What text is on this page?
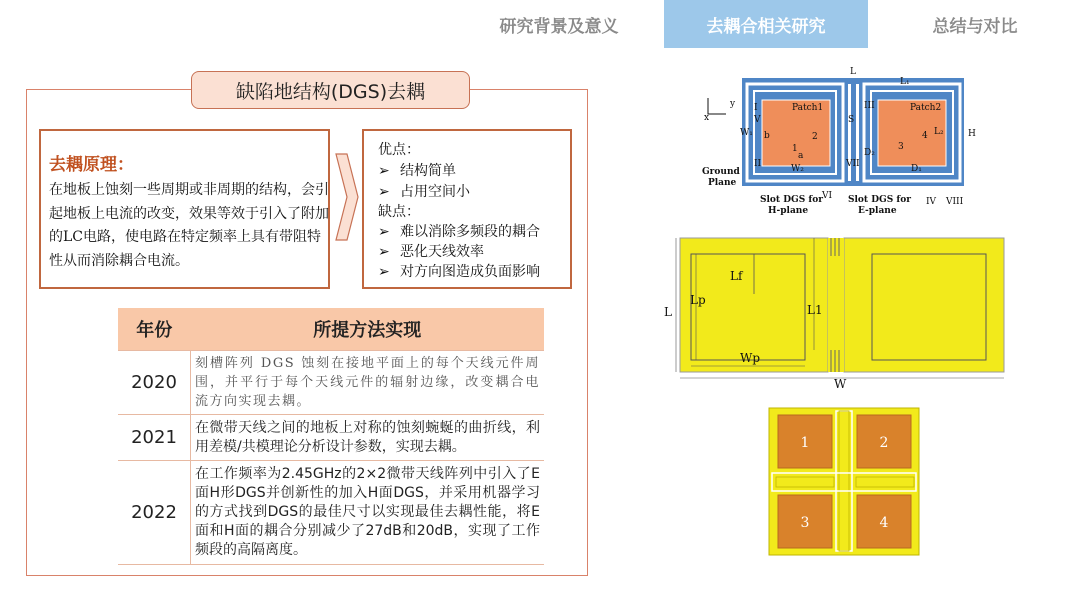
研究背景及意义	去耦合相关研究	总结与对比
缺陷地结构(DGS)去耦
去耦原理：
在地板上蚀刻一些周期或非周期的结构，会引起地板上电流的改变，效果等效于引入了附加的LC电路，使电路在特定频率上具有带阻特性从而消除耦合电流。
优点：
➢ 结构简单
➢ 占用空间小
缺点：
➢ 难以消除多频段的耦合
➢ 恶化天线效率
➢ 对方向图造成负面影响
年份	所提方法实现
2020	刻槽阵列 DGS 蚀刻在接地平面上的每个天线元件周围，并平行于每个天线元件的辐射边缘，改变耦合电流方向实现去耦。
2021	在微带天线之间的地板上对称的蚀刻蜿蜒的曲折线，利用差模/共模理论分析设计参数，实现去耦。
2022	在工作频率为2.45GHz的2×2微带天线阵列中引入了E面H形DGS并创新性的加入H面DGS，并采用机器学习的方式找到DGS的最佳尺寸以实现最佳去耦性能，将E面和H面的耦合分别减少了27dB和20dB，实现了工作频段的高隔离度。
L
L₁
H
Patch1	Patch2
2
1	3
4
a
b
S
W₁
W₂	D₁
D₂
L₂
I
II
III
IV
V
VI
VII
VIII
x
y
Ground
Plane
Slot DGS for
H-plane
Slot DGS for
E-plane
Lf
Lp
L	L1
Wp
W
1	2
3	4
